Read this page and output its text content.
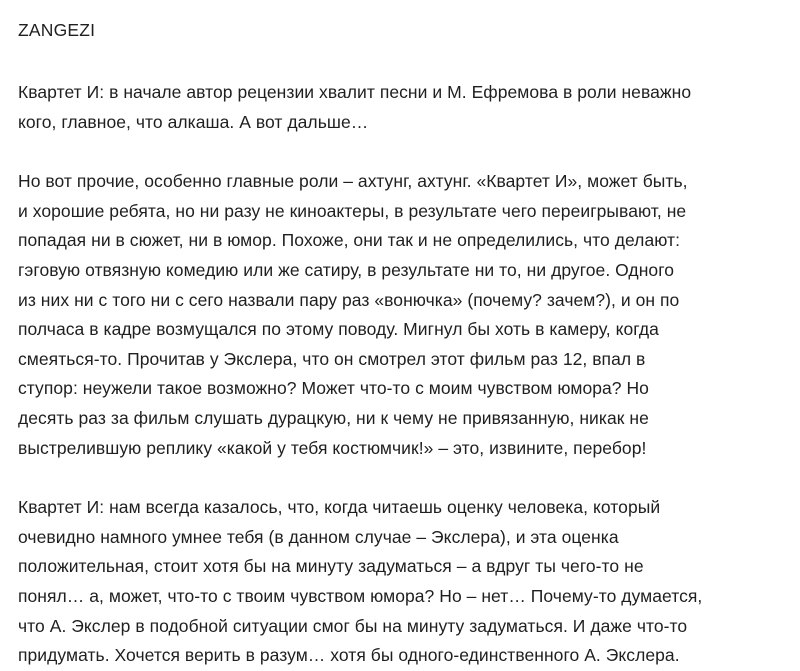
ZANGEZI
Квартет И: в начале автор рецензии хвалит песни и М. Ефремова в роли неважно
кого, главное, что алкаша. А вот дальше…
Но вот прочие, особенно главные роли – ахтунг, ахтунг. «Квартет И», может быть,
и хорошие ребята, но ни разу не киноактеры, в результате чего переигрывают, не
попадая ни в сюжет, ни в юмор. Похоже, они так и не определились, что делают:
гэговую отвязную комедию или же сатиру, в результате ни то, ни другое. Одного
из них ни с того ни с сего назвали пару раз «вонючка» (почему? зачем?), и он по
полчаса в кадре возмущался по этому поводу. Мигнул бы хоть в камеру, когда
смеяться-то. Прочитав у Экслера, что он смотрел этот фильм раз 12, впал в
ступор: неужели такое возможно? Может что-то с моим чувством юмора? Но
десять раз за фильм слушать дурацкую, ни к чему не привязанную, никак не
выстрелившую реплику «какой у тебя костюмчик!» – это, извините, перебор!
Квартет И: нам всегда казалось, что, когда читаешь оценку человека, который
очевидно намного умнее тебя (в данном случае – Экслера), и эта оценка
положительная, стоит хотя бы на минуту задуматься – а вдруг ты чего-то не
понял… а, может, что-то с твоим чувством юмора? Но – нет… Почему-то думается,
что А. Экслер в подобной ситуации смог бы на минуту задуматься. И даже что-то
придумать. Хочется верить в разум… хотя бы одного-единственного А. Экслера.
